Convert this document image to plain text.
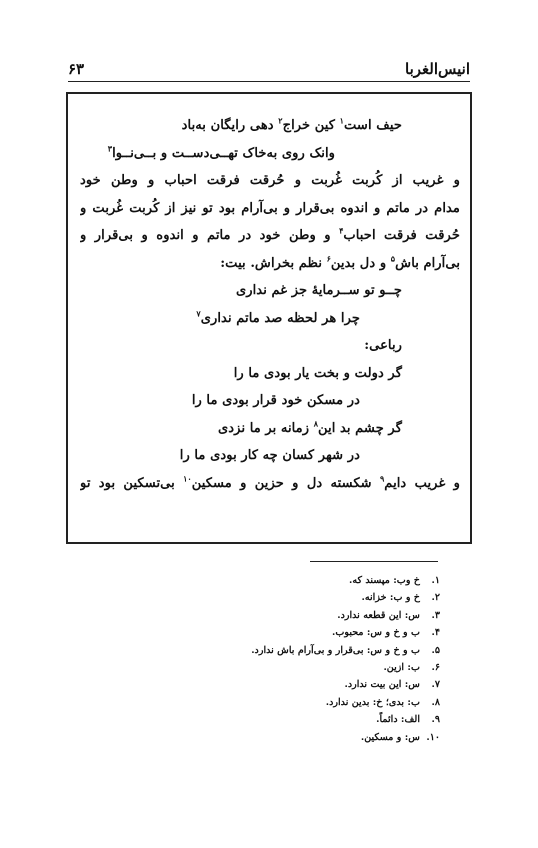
انیس‌الغربا
۶۳
حیف است$^۱$ کین خراج$^۲$ دهی رایگان به‌باد
وانک روی به‌خاک تهــی‌دســت و بــی‌نــوا$^۳$
و غریب از کُربت غُربت و حُرقت فرقت احباب و وطن خود
مدام در ماتم و اندوه بی‌قرار و بی‌آرام بود تو نیز از کُربت غُربت و
حُرقت فرقت احباب$^۴$ و وطن خود در ماتم و اندوه و بی‌قرار و
بی‌آرام باش$^۵$ و دل بدین$^۶$ نظم بخراش. بیت:
چــو تو ســرمایهٔ جز غم نداری
چرا هر لحظه صد ماتم نداری$^۷$
رباعی:
گر دولت و بخت یار بودی ما را
در مسکن خود قرار بودی ما را
گر چشم بد این$^۸$ زمانه بر ما نزدی
در شهر کسان چه کار بودی ما را
و غریب دایم$^۹$ شکسته دل و حزین و مسکین$^{۱۰}$ بی‌تسکین بود تو
۱.خ وب: مپسند که.
۲.خ و ب: خزانه.
۳.س: این قطعه ندارد.
۴.ب و خ و س: محبوب.
۵.ب و خ و س: بی‌قرار و بی‌آرام باش ندارد.
۶.ب: ازین.
۷.س: این بیت ندارد.
۸.ب: بدی؛ خ: بدین ندارد.
۹.الف: دائماً.
۱۰.س: و مسکین.
